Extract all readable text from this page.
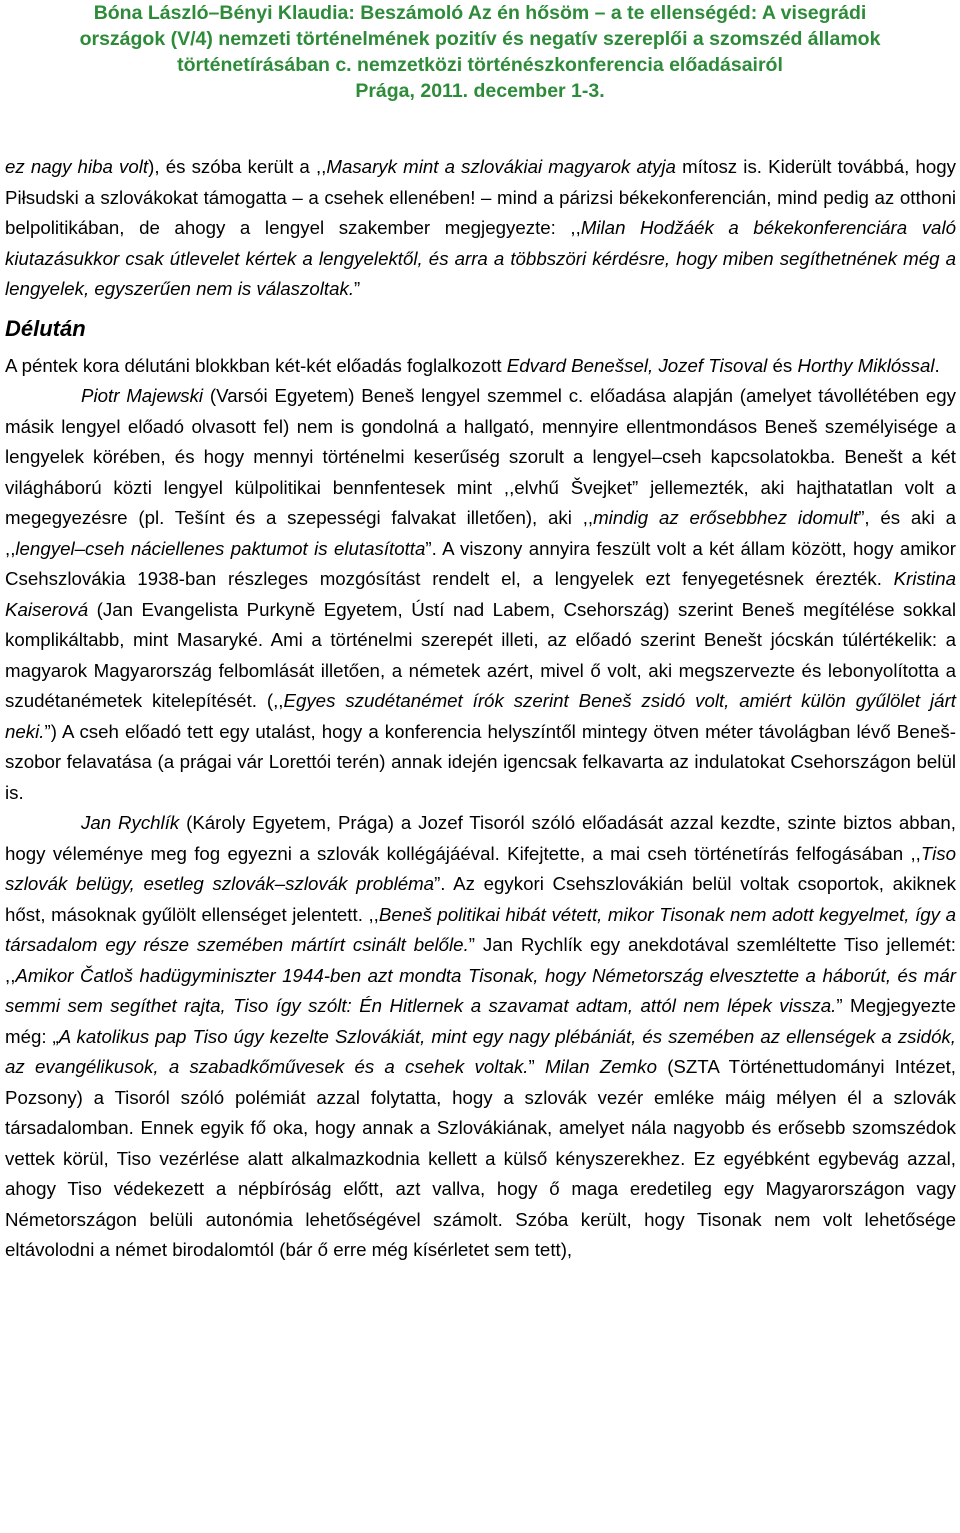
Bóna László–Bényi Klaudia: Beszámoló Az én hősöm – a te ellenségéd: A visegrádi
országok (V/4) nemzeti történelmének pozitív és negatív szereplői a szomszéd államok
történetírásában c. nemzetközi történészkonferencia előadásairól
Prága, 2011. december 1-3.

ez nagy hiba volt), és szóba került a ,,Masaryk mint a szlovákiai magyarok atyja mítosz is. Kiderült továbbá, hogy Piłsudski a szlovákokat támogatta – a csehek ellenében! – mind a párizsi békekonferencián, mind pedig az otthoni belpolitikában, de ahogy a lengyel szakember megjegyezte: ,,Milan Hodžáék a békekonferenciára való kiutazásukkor csak útlevelet kértek a lengyelektől, és arra a többszöri kérdésre, hogy miben segíthetnének még a lengyelek, egyszerűen nem is válaszoltak.”

Délután

A péntek kora délutáni blokkban két-két előadás foglalkozott Edvard Benešsel, Jozef Tisoval és Horthy Miklóssal.

Piotr Majewski (Varsói Egyetem) Beneš lengyel szemmel c. előadása alapján (amelyet távollétében egy másik lengyel előadó olvasott fel) nem is gondolná a hallgató, mennyire ellentmondásos Beneš személyisége a lengyelek körében, és hogy mennyi történelmi keserűség szorult a lengyel–cseh kapcsolatokba. Benešt a két világháború közti lengyel külpolitikai bennfentesek mint ,,elvhű Švejket” jellemezték, aki hajthatatlan volt a megegyezésre (pl. Tešínt és a szepességi falvakat illetően), aki ,,mindig az erősebbhez idomult”, és aki a ,,lengyel–cseh náciellenes paktumot is elutasította”. A viszony annyira feszült volt a két állam között, hogy amikor Csehszlovákia 1938-ban részleges mozgósítást rendelt el, a lengyelek ezt fenyegetésnek érezték. Kristina Kaiserová (Jan Evangelista Purkyně Egyetem, Ústí nad Labem, Csehország) szerint Beneš megítélése sokkal komplikáltabb, mint Masaryké. Ami a történelmi szerepét illeti, az előadó szerint Benešt jócskán túlértékelik: a magyarok Magyarország felbomlását illetően, a németek azért, mivel ő volt, aki megszervezte és lebonyolította a szudétanémetek kitelepítését. (,,Egyes szudétanémet írók szerint Beneš zsidó volt, amiért külön gyűlölet járt neki.”) A cseh előadó tett egy utalást, hogy a konferencia helyszíntől mintegy ötven méter távolágban lévő Beneš-szobor felavatása (a prágai vár Lorettói terén) annak idején igencsak felkavarta az indulatokat Csehországon belül is.

Jan Rychlík (Károly Egyetem, Prága) a Jozef Tisoról szóló előadását azzal kezdte, szinte biztos abban, hogy véleménye meg fog egyezni a szlovák kollégájáéval. Kifejtette, a mai cseh történetírás felfogásában ,,Tiso szlovák belügy, esetleg szlovák–szlovák probléma”. Az egykori Csehszlovákián belül voltak csoportok, akiknek hőst, másoknak gyűlölt ellenséget jelentett. ,,Beneš politikai hibát vétett, mikor Tisonak nem adott kegyelmet, így a társadalom egy része szemében mártírt csinált belőle.” Jan Rychlík egy anekdotával szemléltette Tiso jellemét: ,,Amikor Čatloš hadügyminiszter 1944-ben azt mondta Tisonak, hogy Németország elvesztette a háborút, és már semmi sem segíthet rajta, Tiso így szólt: Én Hitlernek a szavamat adtam, attól nem lépek vissza.” Megjegyezte még: „A katolikus pap Tiso úgy kezelte Szlovákiát, mint egy nagy plébániát, és szemében az ellenségek a zsidók, az evangélikusok, a szabadkőművesek és a csehek voltak.” Milan Zemko (SZTA Történettudományi Intézet, Pozsony) a Tisoról szóló polémiát azzal folytatta, hogy a szlovák vezér emléke máig mélyen él a szlovák társadalomban. Ennek egyik fő oka, hogy annak a Szlovákiának, amelyet nála nagyobb és erősebb szomszédok vettek körül, Tiso vezérlése alatt alkalmazkodnia kellett a külső kényszerekhez. Ez egyébként egybevág azzal, ahogy Tiso védekezett a népbíróság előtt, azt vallva, hogy ő maga eredetileg egy Magyarországon vagy Németországon belüli autonómia lehetőségével számolt. Szóba került, hogy Tisonak nem volt lehetősége eltávolodni a német birodalomtól (bár ő erre még kísérletet sem tett),
